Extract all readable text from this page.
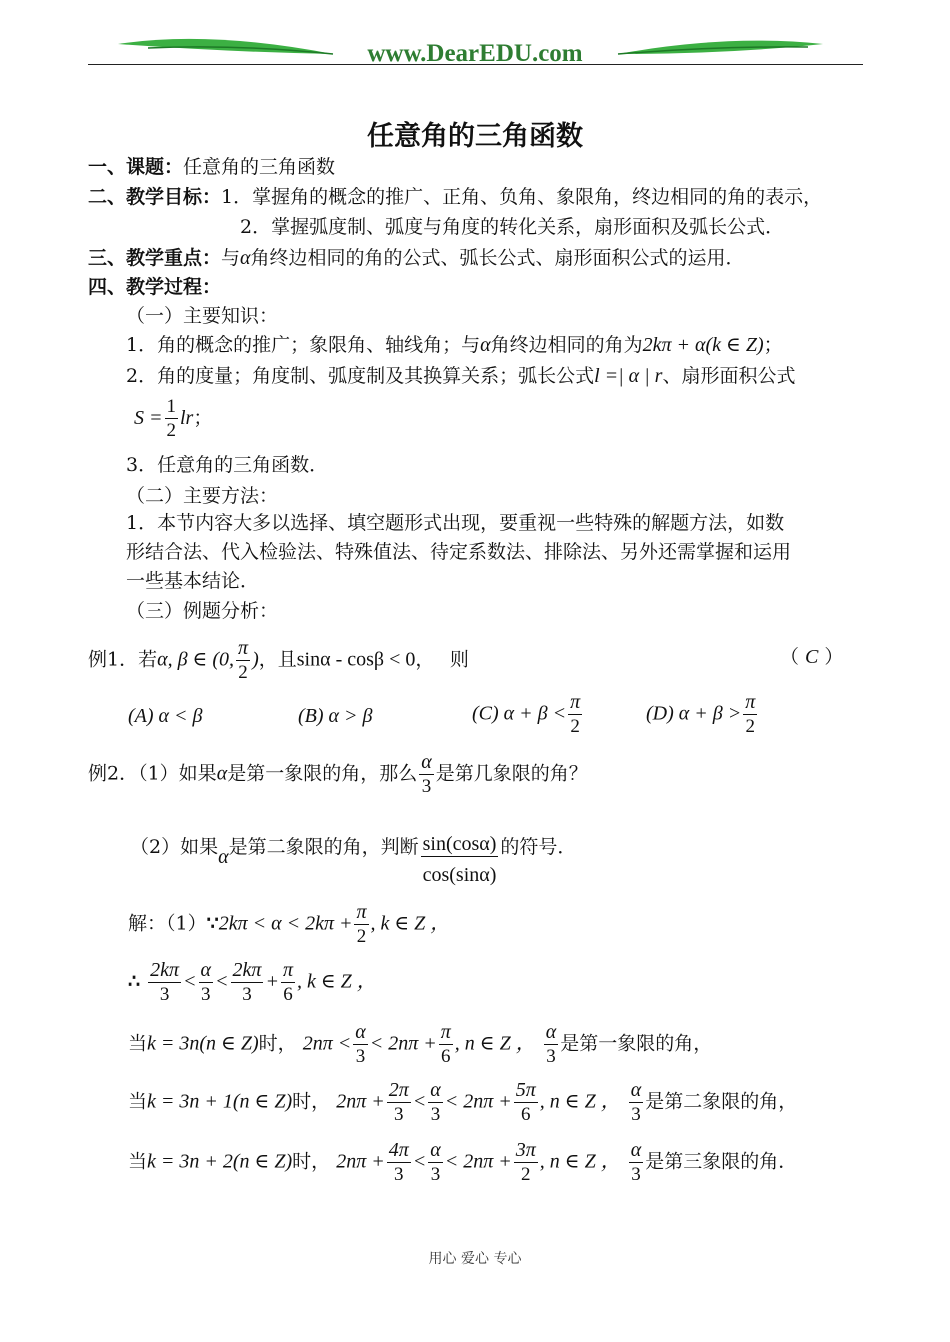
www.DearEDU.com
任意角的三角函数
一、课题：任意角的三角函数
二、教学目标：1．掌握角的概念的推广、正角、负角、象限角，终边相同的角的表示，
2．掌握弧度制、弧度与角度的转化关系，扇形面积及弧长公式．
三、教学重点：与α角终边相同的角的公式、弧长公式、扇形面积公式的运用．
四、教学过程：
（一）主要知识：
1．角的概念的推广；象限角、轴线角；与α角终边相同的角为2kπ + α(k ∈ Z)；
2．角的度量；角度制、弧度制及其换算关系；弧长公式l =| α | r、扇形面积公式
$S = \frac{1}{2}$ lr；
3．任意角的三角函数．
（二）主要方法：
1．本节内容大多以选择、填空题形式出现，要重视一些特殊的解题方法，如数
形结合法、代入检验法、特殊值法、待定系数法、排除法、另外还需掌握和运用
一些基本结论．
（三）例题分析：
例1．若α, β ∈ (0, $\frac{\pi}{2}$ )，且sinα - cosβ < 0，　 则	（ C ）
(A) α < β	(B) α > β	(C) $\alpha + \beta < \frac{\pi}{2}$	(D) $\alpha + \beta > \frac{\pi}{2}$
例2．（1）如果α是第一象限的角，那么 $\frac{\alpha}{3}$ 是第几象限的角？
（2）如果α是第二象限的角，判断 $\frac{\sin(\cos\alpha)}{\cos(\sin\alpha)}$ 的符号．
解：（1）∵2kπ < $\alpha < 2k\pi + \frac{\pi}{2}$ , k ∈ Z ，
∴ $\frac{2k\pi}{3} < \frac{\alpha}{3} < \frac{2k\pi}{3} + \frac{\pi}{6}$ , k ∈ Z ，
当k = 3n(n ∈ Z)时， $2n\pi < \frac{\alpha}{3} < 2n\pi + \frac{\pi}{6}$ , n ∈ Z ， $\frac{\alpha}{3}$ 是第一象限的角，
当k = 3n + 1(n ∈ Z)时， $2n\pi + \frac{2\pi}{3} < \frac{\alpha}{3} < 2n\pi + \frac{5\pi}{6}$ , n ∈ Z ， $\frac{\alpha}{3}$ 是第二象限的角，
当k = 3n + 2(n ∈ Z)时， $2n\pi + \frac{4\pi}{3} < \frac{\alpha}{3} < 2n\pi + \frac{3\pi}{2}$ , n ∈ Z ， $\frac{\alpha}{3}$ 是第三象限的角．
用心 爱心 专心
